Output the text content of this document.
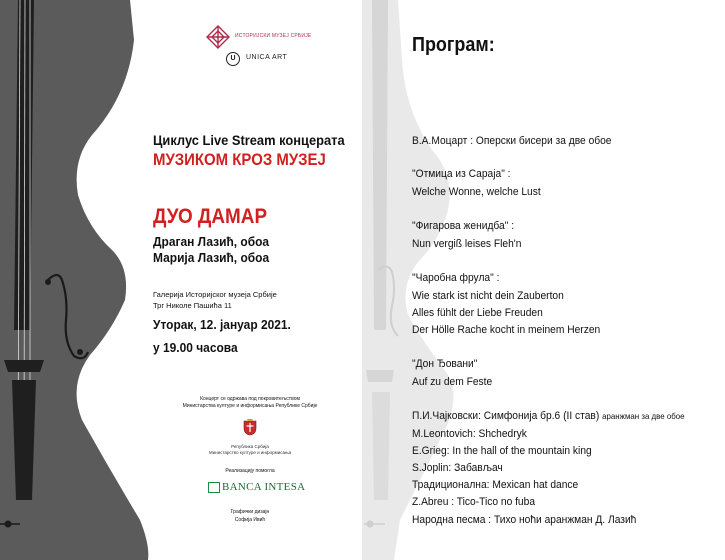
ИСТОРИЈСКИ МУЗЕЈ СРБИЈЕ
U	UNICA ART
Циклус Live Stream концерата
МУЗИКОМ КРОЗ МУЗЕЈ
ДУО ДАМАР
Драган Лазић, обоа
Марија Лазић, обоа
Галерија Историјског музеја Србије
Трг Николе Пашића 11
Уторак, 12. јануар 2021.
у 19.00 часова
Концерт се одржава под покровитељством
Министарства културе и информисања Републике Србије
Република Србија
Министарство културе и информисања
Реализацију помогла
BANCA INTESA
Графички дизајн
Софија Ивић
Програм:
В.А.Моцарт : Оперски бисери за две обое
"Отмица из Сараја" :
Welche Wonne, welche Lust
"Фигарова женидба" :
Nun vergiß leises Fleh'n
"Чаробна фрула" :
Wie stark ist nicht dein Zauberton
Alles fühlt der Liebe Freuden
Der Hölle Rache kocht in meinem Herzen
"Дон Ђовани"
Auf zu dem Feste
П.И.Чајковски: Симфонија бр.6 (II став) аранжман за две обое
M.Leontovich: Shchedryk
E.Grieg: In the hall of the mountain king
S.Joplin: Забављач
Традиционална: Mexican hat dance
Z.Abreu : Tico-Tico no fuba
Народна песма : Тихо ноћи аранжман Д. Лазић
